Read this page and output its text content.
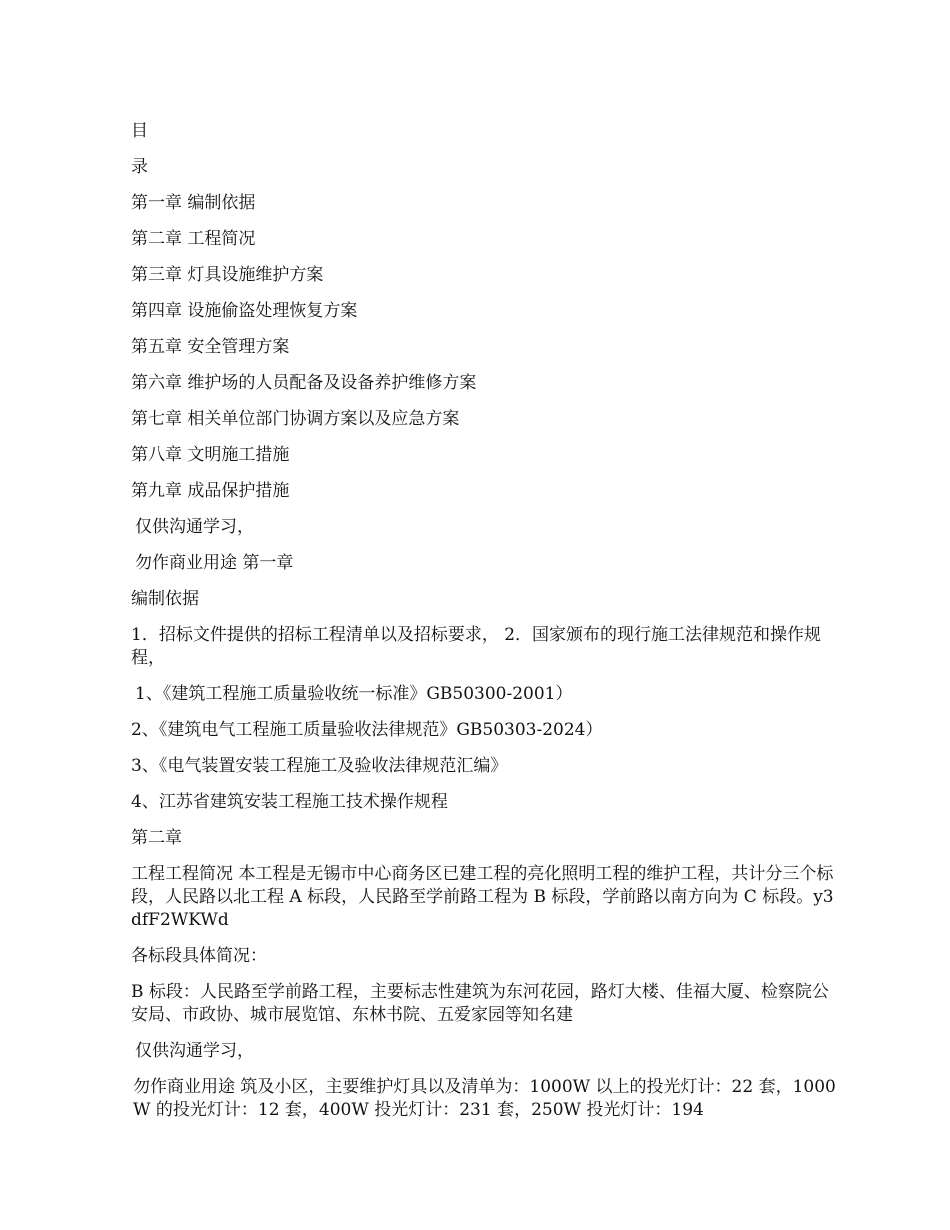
目

录

第一章 编制依据

第二章 工程简况

第三章 灯具设施维护方案

第四章 设施偷盗处理恢复方案

第五章 安全管理方案

第六章 维护场的人员配备及设备养护维修方案

第七章 相关单位部门协调方案以及应急方案

第八章 文明施工措施

第九章 成品保护措施

仅供沟通学习，

勿作商业用途 第一章

编制依据

1．招标文件提供的招标工程清单以及招标要求， 2．国家颁布的现行施工法律规范和操作规程，

1、《建筑工程施工质量验收统一标准》GB50300-2001）

2、《建筑电气工程施工质量验收法律规范》GB50303-2024）

3、《电气装置安装工程施工及验收法律规范汇编》

4、江苏省建筑安装工程施工技术操作规程

第二章

工程工程简况 本工程是无锡市中心商务区已建工程的亮化照明工程的维护工程，共计分三个标段，人民路以北工程 A 标段，人民路至学前路工程为 B 标段，学前路以南方向为 C 标段。y3dfF2WKWd

各标段具体简况：

B 标段：人民路至学前路工程，主要标志性建筑为东河花园，路灯大楼、佳福大厦、检察院公安局、市政协、城市展览馆、东林书院、五爱家园等知名建

仅供沟通学习，

勿作商业用途 筑及小区，主要维护灯具以及清单为：1000W 以上的投光灯计：22 套，1000W 的投光灯计：12 套，400W 投光灯计：231 套，250W 投光灯计：194
